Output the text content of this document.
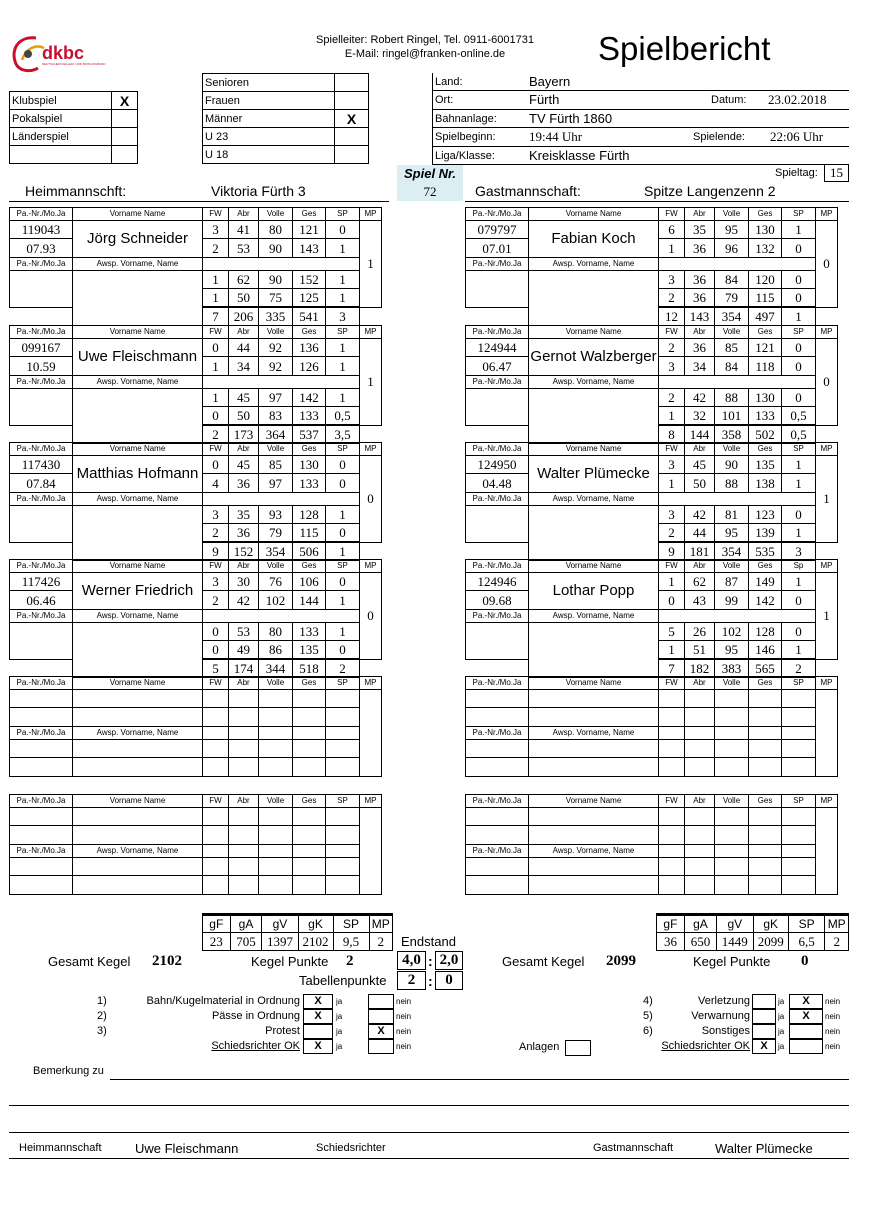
dkbc
DEUTSCHER KEGLER- UND BOWLINGBUND
Spielleiter: Robert Ringel, Tel. 0911-6001731
E-Mail: ringel@franken-online.de	Spielbericht
Klubspiel	X
Pokalspiel	
Länderspiel	

Senioren	
Frauen	
Männer	X
U 23	
U 18	
Land:	Bayern
Ort:	Fürth	Datum: 23.02.2018
Bahnanlage: TV Fürth 1860
Spielbeginn:	19:44 Uhr	Spielende: 22:06 Uhr
Liga/Klasse:	Kreisklasse Fürth
Spiel Nr.
72
Spieltag: 15
Heimmannschft:	Viktoria Fürth 3	Gastmannschaft:	Spitze Langenzenn 2
Pa.-Nr./Mo.Ja	Vorname Name	FW	Abr	Volle	Ges	SP	MP
119043	Jörg Schneider	3	41	80	121	0	1
07.93		2	53	90	143	1	
Pa.-Nr./Mo.Ja	Awsp. Vorname, Name						
		1	62	90	152	1	
		1	50	75	125	1	
		7	206	335	541	3	
Pa.-Nr./Mo.Ja	Vorname Name	FW	Abr	Volle	Ges	SP	MP
099167	Uwe Fleischmann	0	44	92	136	1	1
10.59		1	34	92	126	1	
Pa.-Nr./Mo.Ja	Awsp. Vorname, Name						
		1	45	97	142	1	
		0	50	83	133	0,5	
		2	173	364	537	3,5	
Pa.-Nr./Mo.Ja	Vorname Name	FW	Abr	Volle	Ges	SP	MP
117430	Matthias Hofmann	0	45	85	130	0	0
07.84		4	36	97	133	0	
Pa.-Nr./Mo.Ja	Awsp. Vorname, Name						
		3	35	93	128	1	
		2	36	79	115	0	
		9	152	354	506	1	
Pa.-Nr./Mo.Ja	Vorname Name	FW	Abr	Volle	Ges	SP	MP
117426	Werner Friedrich	3	30	76	106	0	0
06.46		2	42	102	144	1	
Pa.-Nr./Mo.Ja	Awsp. Vorname, Name						
		0	53	80	133	1	
		0	49	86	135	0	
		5	174	344	518	2	
Pa.-Nr./Mo.Ja	Vorname Name	FW	Abr	Volle	Ges	SP	MP

Pa.-Nr./Mo.Ja	Awsp. Vorname, Name						

Pa.-Nr./Mo.Ja	Vorname Name	FW	Abr	Volle	Ges	SP	MP

Pa.-Nr./Mo.Ja	Awsp. Vorname, Name						

Pa.-Nr./Mo.Ja	Vorname Name	FW	Abr	Volle	Ges	SP	MP
079797	Fabian Koch	6	35	95	130	1	0
07.01		1	36	96	132	0	
Pa.-Nr./Mo.Ja	Awsp. Vorname, Name						
		3	36	84	120	0	
		2	36	79	115	0	
		12	143	354	497	1	
Pa.-Nr./Mo.Ja	Vorname Name	FW	Abr	Volle	Ges	SP	MP
124944	Gernot Walzberger	2	36	85	121	0	0
06.47		3	34	84	118	0	
Pa.-Nr./Mo.Ja	Awsp. Vorname, Name						
		2	42	88	130	0	
		1	32	101	133	0,5	
		8	144	358	502	0,5	
Pa.-Nr./Mo.Ja	Vorname Name	FW	Abr	Volle	Ges	SP	MP
124950	Walter Plümecke	3	45	90	135	1	1
04.48		1	50	88	138	1	
Pa.-Nr./Mo.Ja	Awsp. Vorname, Name						
		3	42	81	123	0	
		2	44	95	139	1	
		9	181	354	535	3	
Pa.-Nr./Mo.Ja	Vorname Name	FW	Abr	Volle	Ges	Sp	MP
124946	Lothar Popp	1	62	87	149	1	1
09.68		0	43	99	142	0	
Pa.-Nr./Mo.Ja	Awsp. Vorname, Name						
		5	26	102	128	0	
		1	51	95	146	1	
		7	182	383	565	2	
Pa.-Nr./Mo.Ja	Vorname Name	FW	Abr	Volle	Ges	SP	MP

Pa.-Nr./Mo.Ja	Awsp. Vorname, Name						

Pa.-Nr./Mo.Ja	Vorname Name	FW	Abr	Volle	Ges	SP	MP

Pa.-Nr./Mo.Ja	Awsp. Vorname, Name						

gF	gA	gV	gK	SP	MP
23	705	1397	2102	9,5	2
gF	gA	gV	gK	SP	MP
36	650	1449	2099	6,5	2
Endstand
Gesamt Kegel 2102	Kegel Punkte 2	4,0 : 2,0	Gesamt Kegel 2099	Kegel Punkte 0
Tabellenpunkte	2 : 0
1)	Bahn/Kugelmaterial in Ordnung	X	ja	nein
2)	Pässe in Ordnung	X	ja	nein
3)	Protest	ja	X	nein
Schiedsrichter OK	X	ja	nein
4)	Verletzung	ja	X	nein
5)	Verwarnung	ja	X	nein
6)	Sonstiges	ja	nein
Schiedsrichter OK X	ja	nein
Anlagen
Bemerkung zu
Heimmannschaft	Uwe Fleischmann	Schiedsrichter	Gastmannschaft	Walter Plümecke
